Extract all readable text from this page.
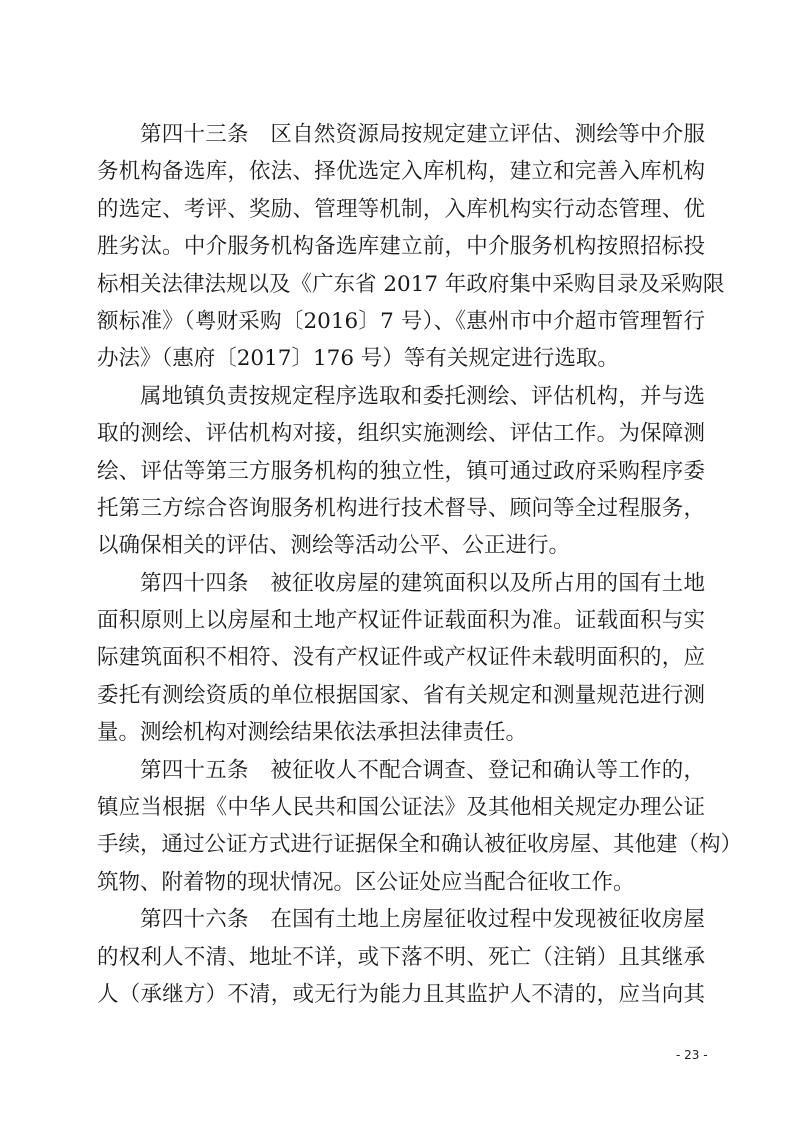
第四十三条　区自然资源局按规定建立评估、测绘等中介服
务机构备选库，依法、择优选定入库机构，建立和完善入库机构
的选定、考评、奖励、管理等机制，入库机构实行动态管理、优
胜劣汰。中介服务机构备选库建立前，中介服务机构按照招标投
标相关法律法规以及《广东省 2017 年政府集中采购目录及采购限
额标准》（粤财采购〔2016〕7 号）、《惠州市中介超市管理暂行
办法》（惠府〔2017〕176 号）等有关规定进行选取。
属地镇负责按规定程序选取和委托测绘、评估机构，并与选
取的测绘、评估机构对接，组织实施测绘、评估工作。为保障测
绘、评估等第三方服务机构的独立性，镇可通过政府采购程序委
托第三方综合咨询服务机构进行技术督导、顾问等全过程服务，
以确保相关的评估、测绘等活动公平、公正进行。
第四十四条　被征收房屋的建筑面积以及所占用的国有土地
面积原则上以房屋和土地产权证件证载面积为准。证载面积与实
际建筑面积不相符、没有产权证件或产权证件未载明面积的，应
委托有测绘资质的单位根据国家、省有关规定和测量规范进行测
量。测绘机构对测绘结果依法承担法律责任。
第四十五条　被征收人不配合调查、登记和确认等工作的，
镇应当根据《中华人民共和国公证法》及其他相关规定办理公证
手续，通过公证方式进行证据保全和确认被征收房屋、其他建（构）
筑物、附着物的现状情况。区公证处应当配合征收工作。
第四十六条　在国有土地上房屋征收过程中发现被征收房屋
的权利人不清、地址不详，或下落不明、死亡（注销）且其继承
人（承继方）不清，或无行为能力且其监护人不清的，应当向其
- 23 -
